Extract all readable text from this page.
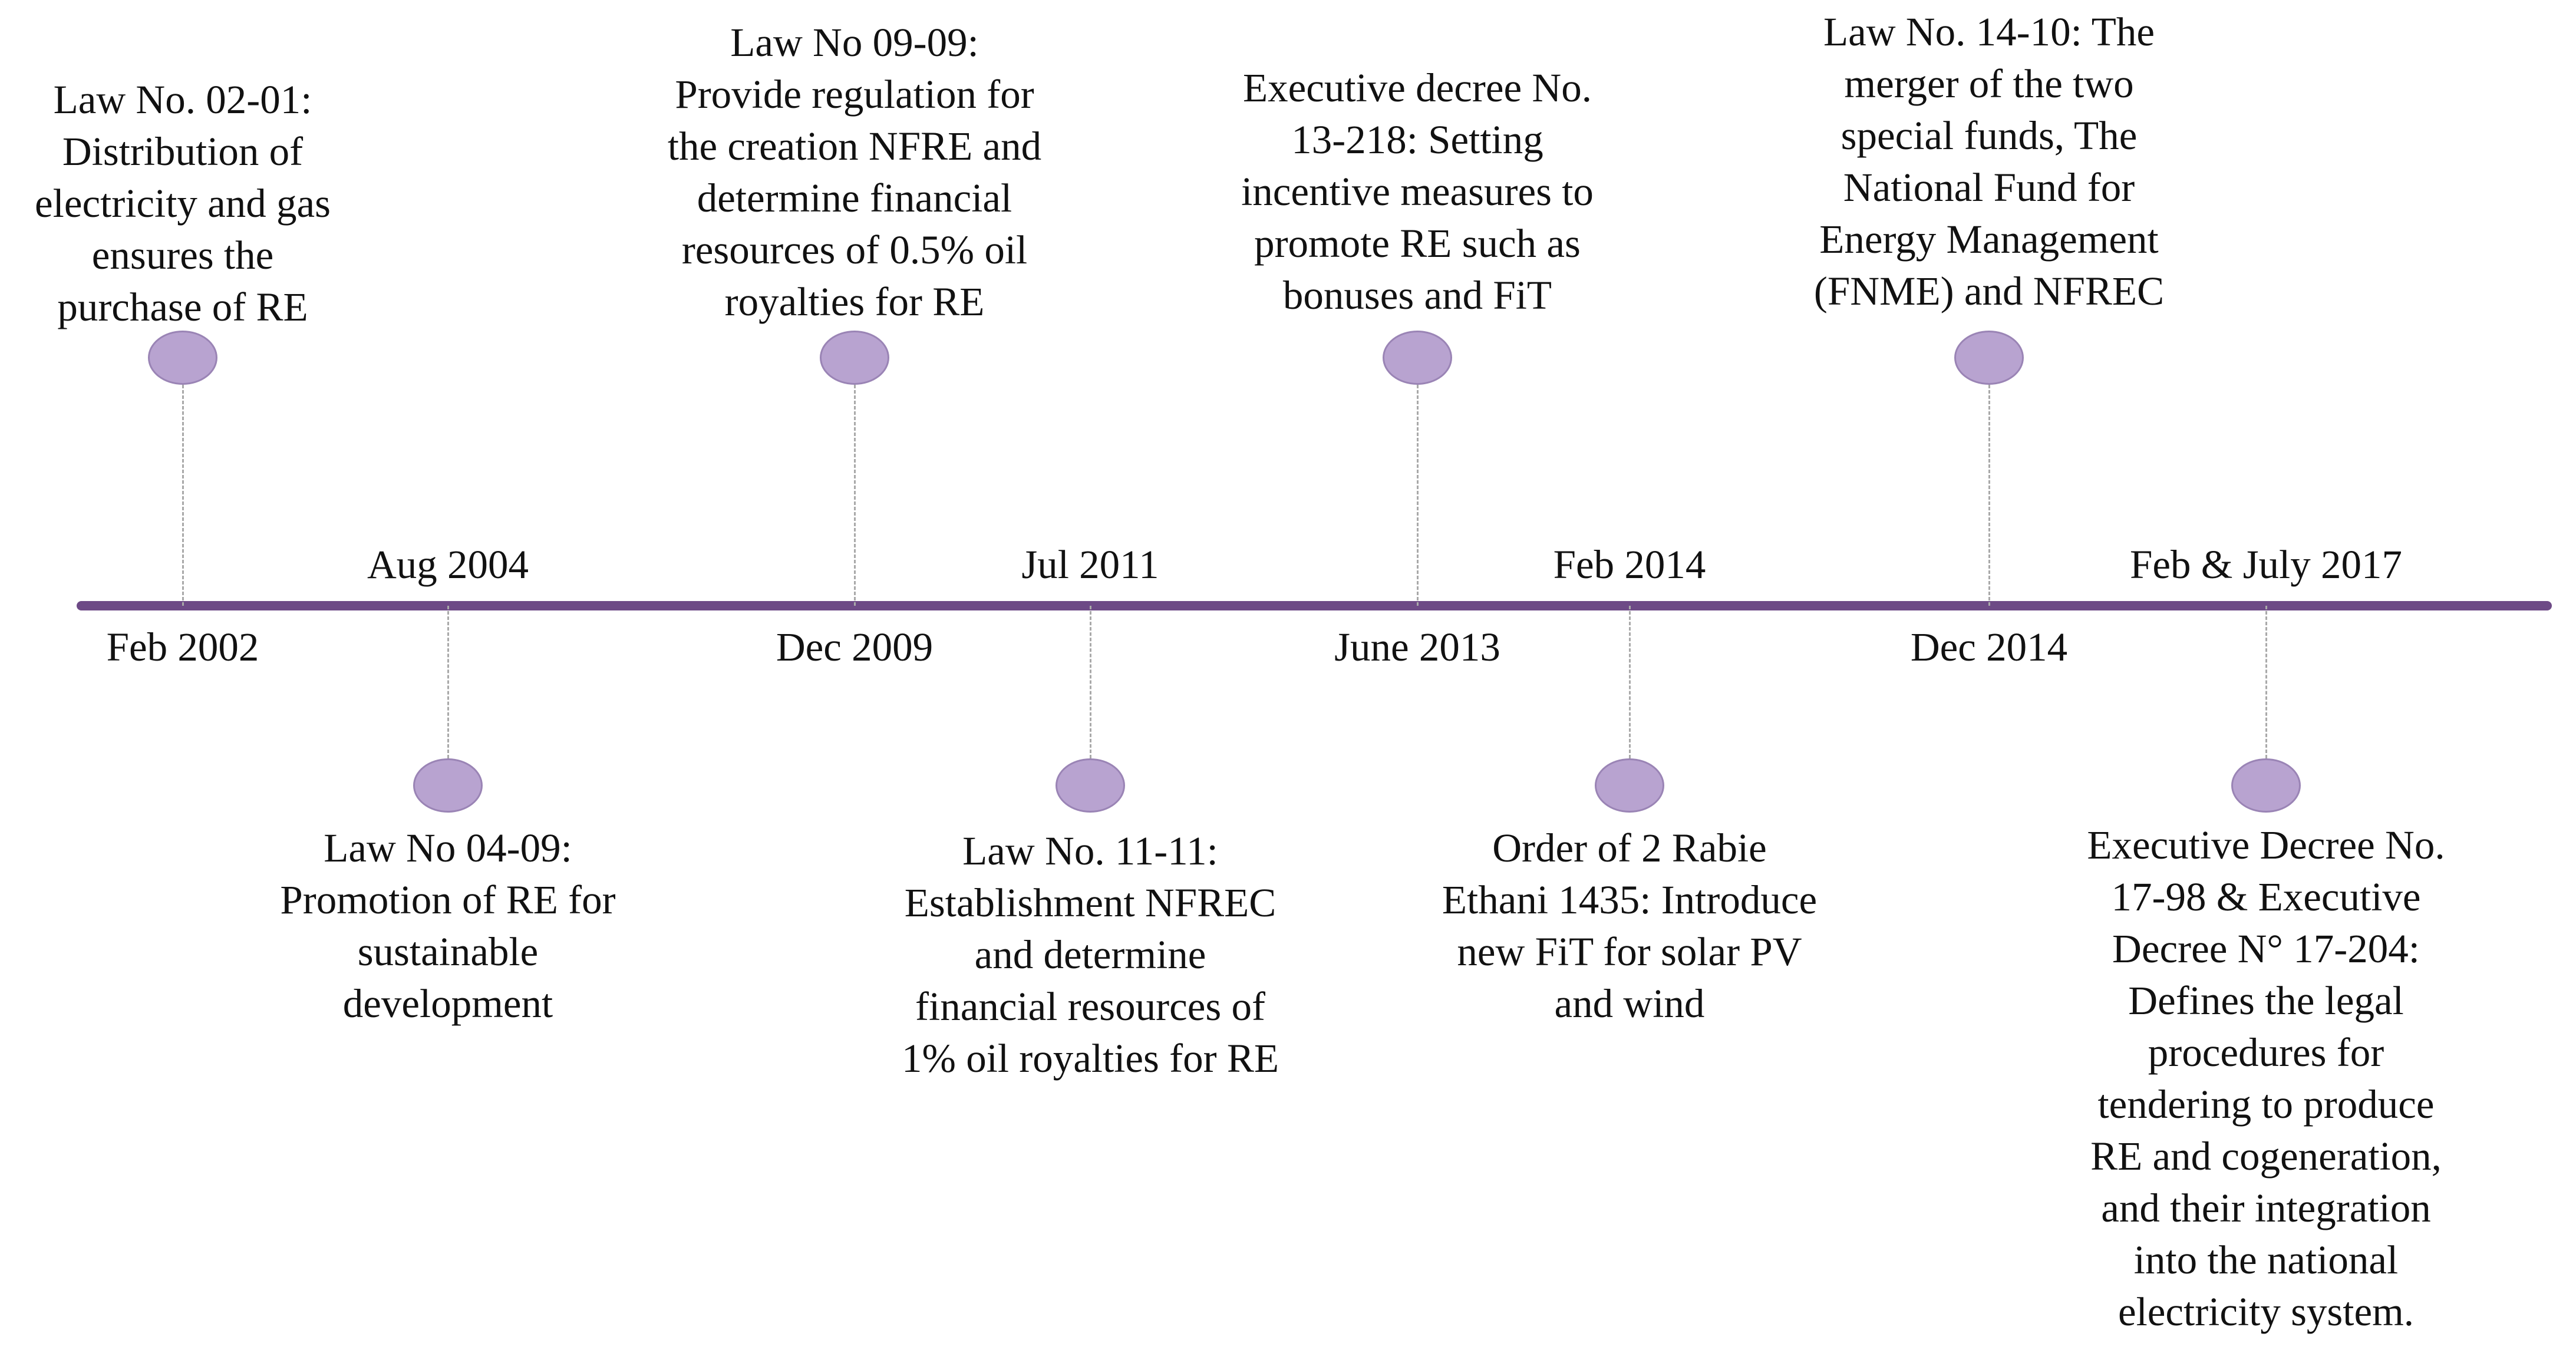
Feb 2002
Law No. 02-01:
Distribution of
electricity and gas
ensures the
purchase of RE
Aug 2004
Law No 04-09:
Promotion of RE for
sustainable
development
Dec 2009
Law No 09-09:
Provide regulation for
the creation NFRE and
determine financial
resources of 0.5% oil
royalties for RE
Jul 2011
Law No. 11-11:
Establishment NFREC
and determine
financial resources of
1% oil royalties for RE
June 2013
Executive decree No.
13-218: Setting
incentive measures to
promote RE such as
bonuses and FiT
Feb 2014
Order of 2 Rabie
Ethani 1435: Introduce
new FiT for solar PV
and wind
Dec 2014
Law No. 14-10: The
merger of the two
special funds, The
National Fund for
Energy Management
(FNME) and NFREC
Feb & July 2017
Executive Decree No.
17-98 & Executive
Decree N° 17-204:
Defines the legal
procedures for
tendering to produce
RE and cogeneration,
and their integration
into the national
electricity system.
